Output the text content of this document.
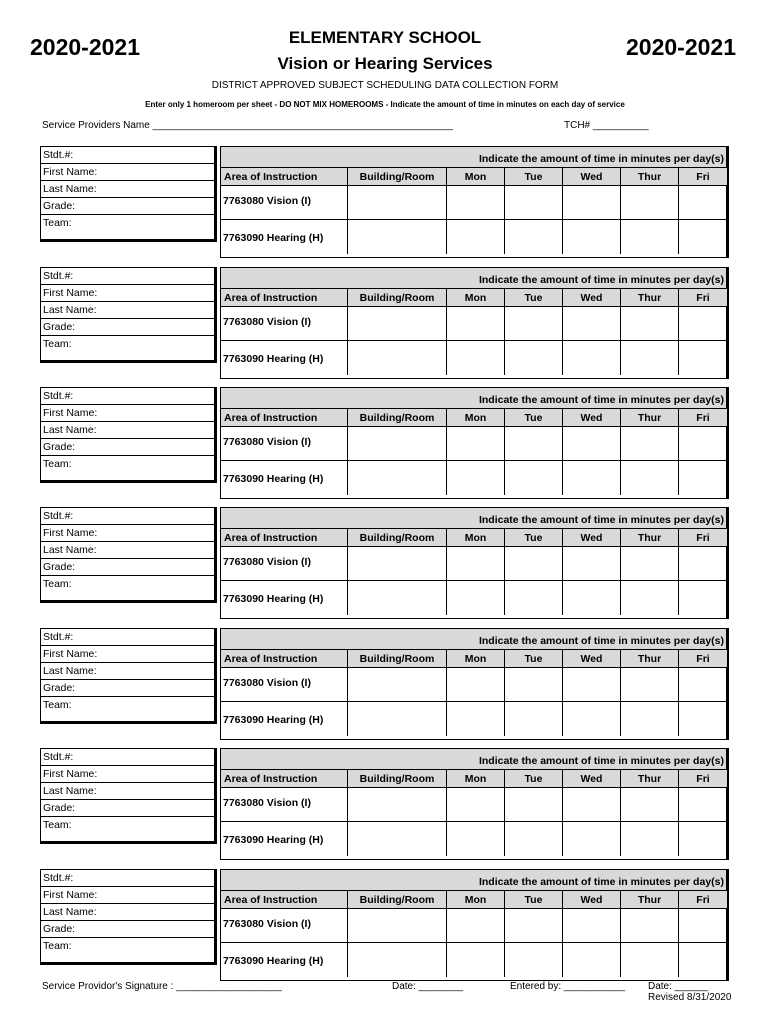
2020-2021	2020-2021
ELEMENTARY SCHOOL
Vision or Hearing Services
DISTRICT APPROVED SUBJECT SCHEDULING DATA COLLECTION FORM
Enter only 1 homeroom per sheet - DO NOT MIX HOMEROOMS - Indicate the amount of time in minutes on each day of service
Service Providers Name ______________________________________________________	TCH# __________
Stdt.#:
First Name:
Last Name:
Grade:
Team:
Indicate the amount of time in minutes per day(s)
Area of Instruction	Building/Room	Mon	Tue	Wed	Thur	Fri
7763080 Vision (I)
7763090 Hearing (H)
Stdt.#:
First Name:
Last Name:
Grade:
Team:
Indicate the amount of time in minutes per day(s)
Area of Instruction	Building/Room	Mon	Tue	Wed	Thur	Fri
7763080 Vision (I)
7763090 Hearing (H)
Stdt.#:
First Name:
Last Name:
Grade:
Team:
Indicate the amount of time in minutes per day(s)
Area of Instruction	Building/Room	Mon	Tue	Wed	Thur	Fri
7763080 Vision (I)
7763090 Hearing (H)
Stdt.#:
First Name:
Last Name:
Grade:
Team:
Indicate the amount of time in minutes per day(s)
Area of Instruction	Building/Room	Mon	Tue	Wed	Thur	Fri
7763080 Vision (I)
7763090 Hearing (H)
Stdt.#:
First Name:
Last Name:
Grade:
Team:
Indicate the amount of time in minutes per day(s)
Area of Instruction	Building/Room	Mon	Tue	Wed	Thur	Fri
7763080 Vision (I)
7763090 Hearing (H)
Stdt.#:
First Name:
Last Name:
Grade:
Team:
Indicate the amount of time in minutes per day(s)
Area of Instruction	Building/Room	Mon	Tue	Wed	Thur	Fri
7763080 Vision (I)
7763090 Hearing (H)
Stdt.#:
First Name:
Last Name:
Grade:
Team:
Indicate the amount of time in minutes per day(s)
Area of Instruction	Building/Room	Mon	Tue	Wed	Thur	Fri
7763080 Vision (I)
7763090 Hearing (H)
Service Providor's Signature : ___________________	Date: ________	Entered by: ___________ Date: ______
Revised 8/31/2020
